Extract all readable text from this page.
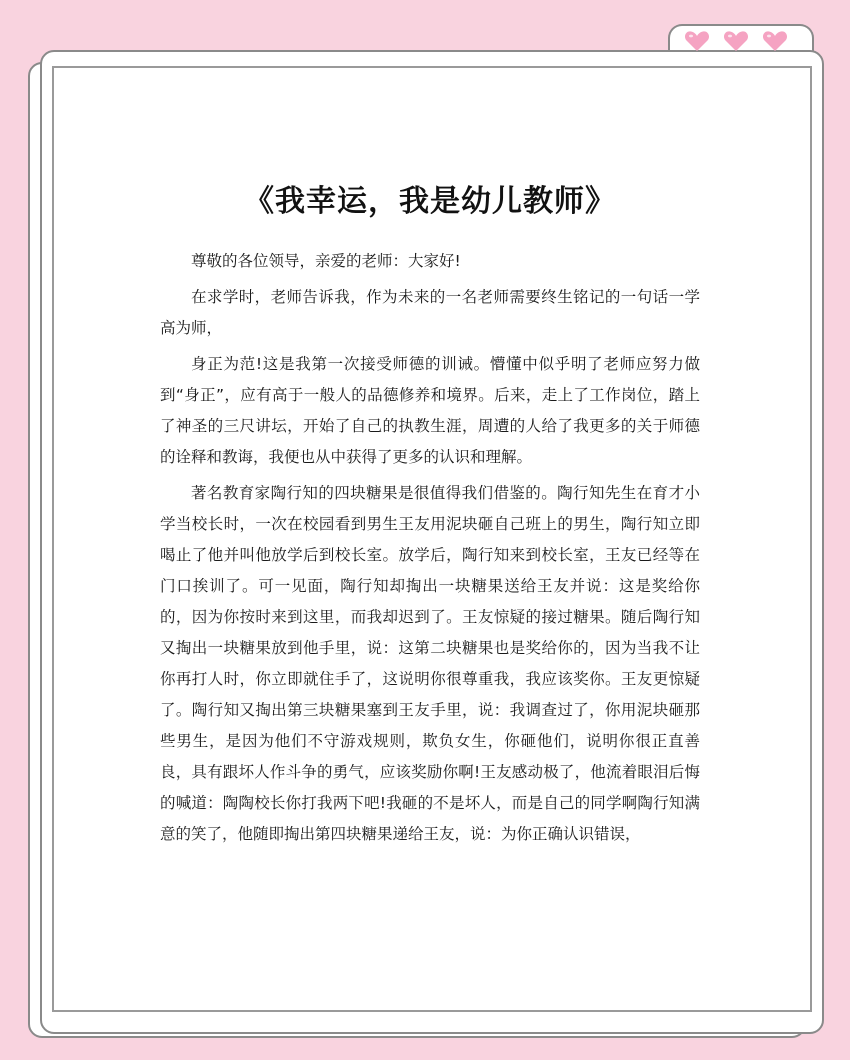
《我幸运，我是幼儿教师》

尊敬的各位领导，亲爱的老师：大家好!

在求学时，老师告诉我，作为未来的一名老师需要终生铭记的一句话一学高为师，

身正为范!这是我第一次接受师德的训诫。懵懂中似乎明了老师应努力做到“身正”，应有高于一般人的品德修养和境界。后来，走上了工作岗位，踏上了神圣的三尺讲坛，开始了自己的执教生涯，周遭的人给了我更多的关于师德的诠释和教诲，我便也从中获得了更多的认识和理解。

著名教育家陶行知的四块糖果是很值得我们借鉴的。陶行知先生在育才小学当校长时，一次在校园看到男生王友用泥块砸自己班上的男生，陶行知立即喝止了他并叫他放学后到校长室。放学后，陶行知来到校长室，王友已经等在门口挨训了。可一见面，陶行知却掏出一块糖果送给王友并说：这是奖给你的，因为你按时来到这里，而我却迟到了。王友惊疑的接过糖果。随后陶行知又掏出一块糖果放到他手里，说：这第二块糖果也是奖给你的，因为当我不让你再打人时，你立即就住手了，这说明你很尊重我，我应该奖你。王友更惊疑了。陶行知又掏出第三块糖果塞到王友手里，说：我调查过了，你用泥块砸那些男生，是因为他们不守游戏规则，欺负女生，你砸他们，说明你很正直善良，具有跟坏人作斗争的勇气，应该奖励你啊!王友感动极了，他流着眼泪后悔的喊道：陶陶校长你打我两下吧!我砸的不是坏人，而是自己的同学啊陶行知满意的笑了，他随即掏出第四块糖果递给王友，说：为你正确认识错误，
